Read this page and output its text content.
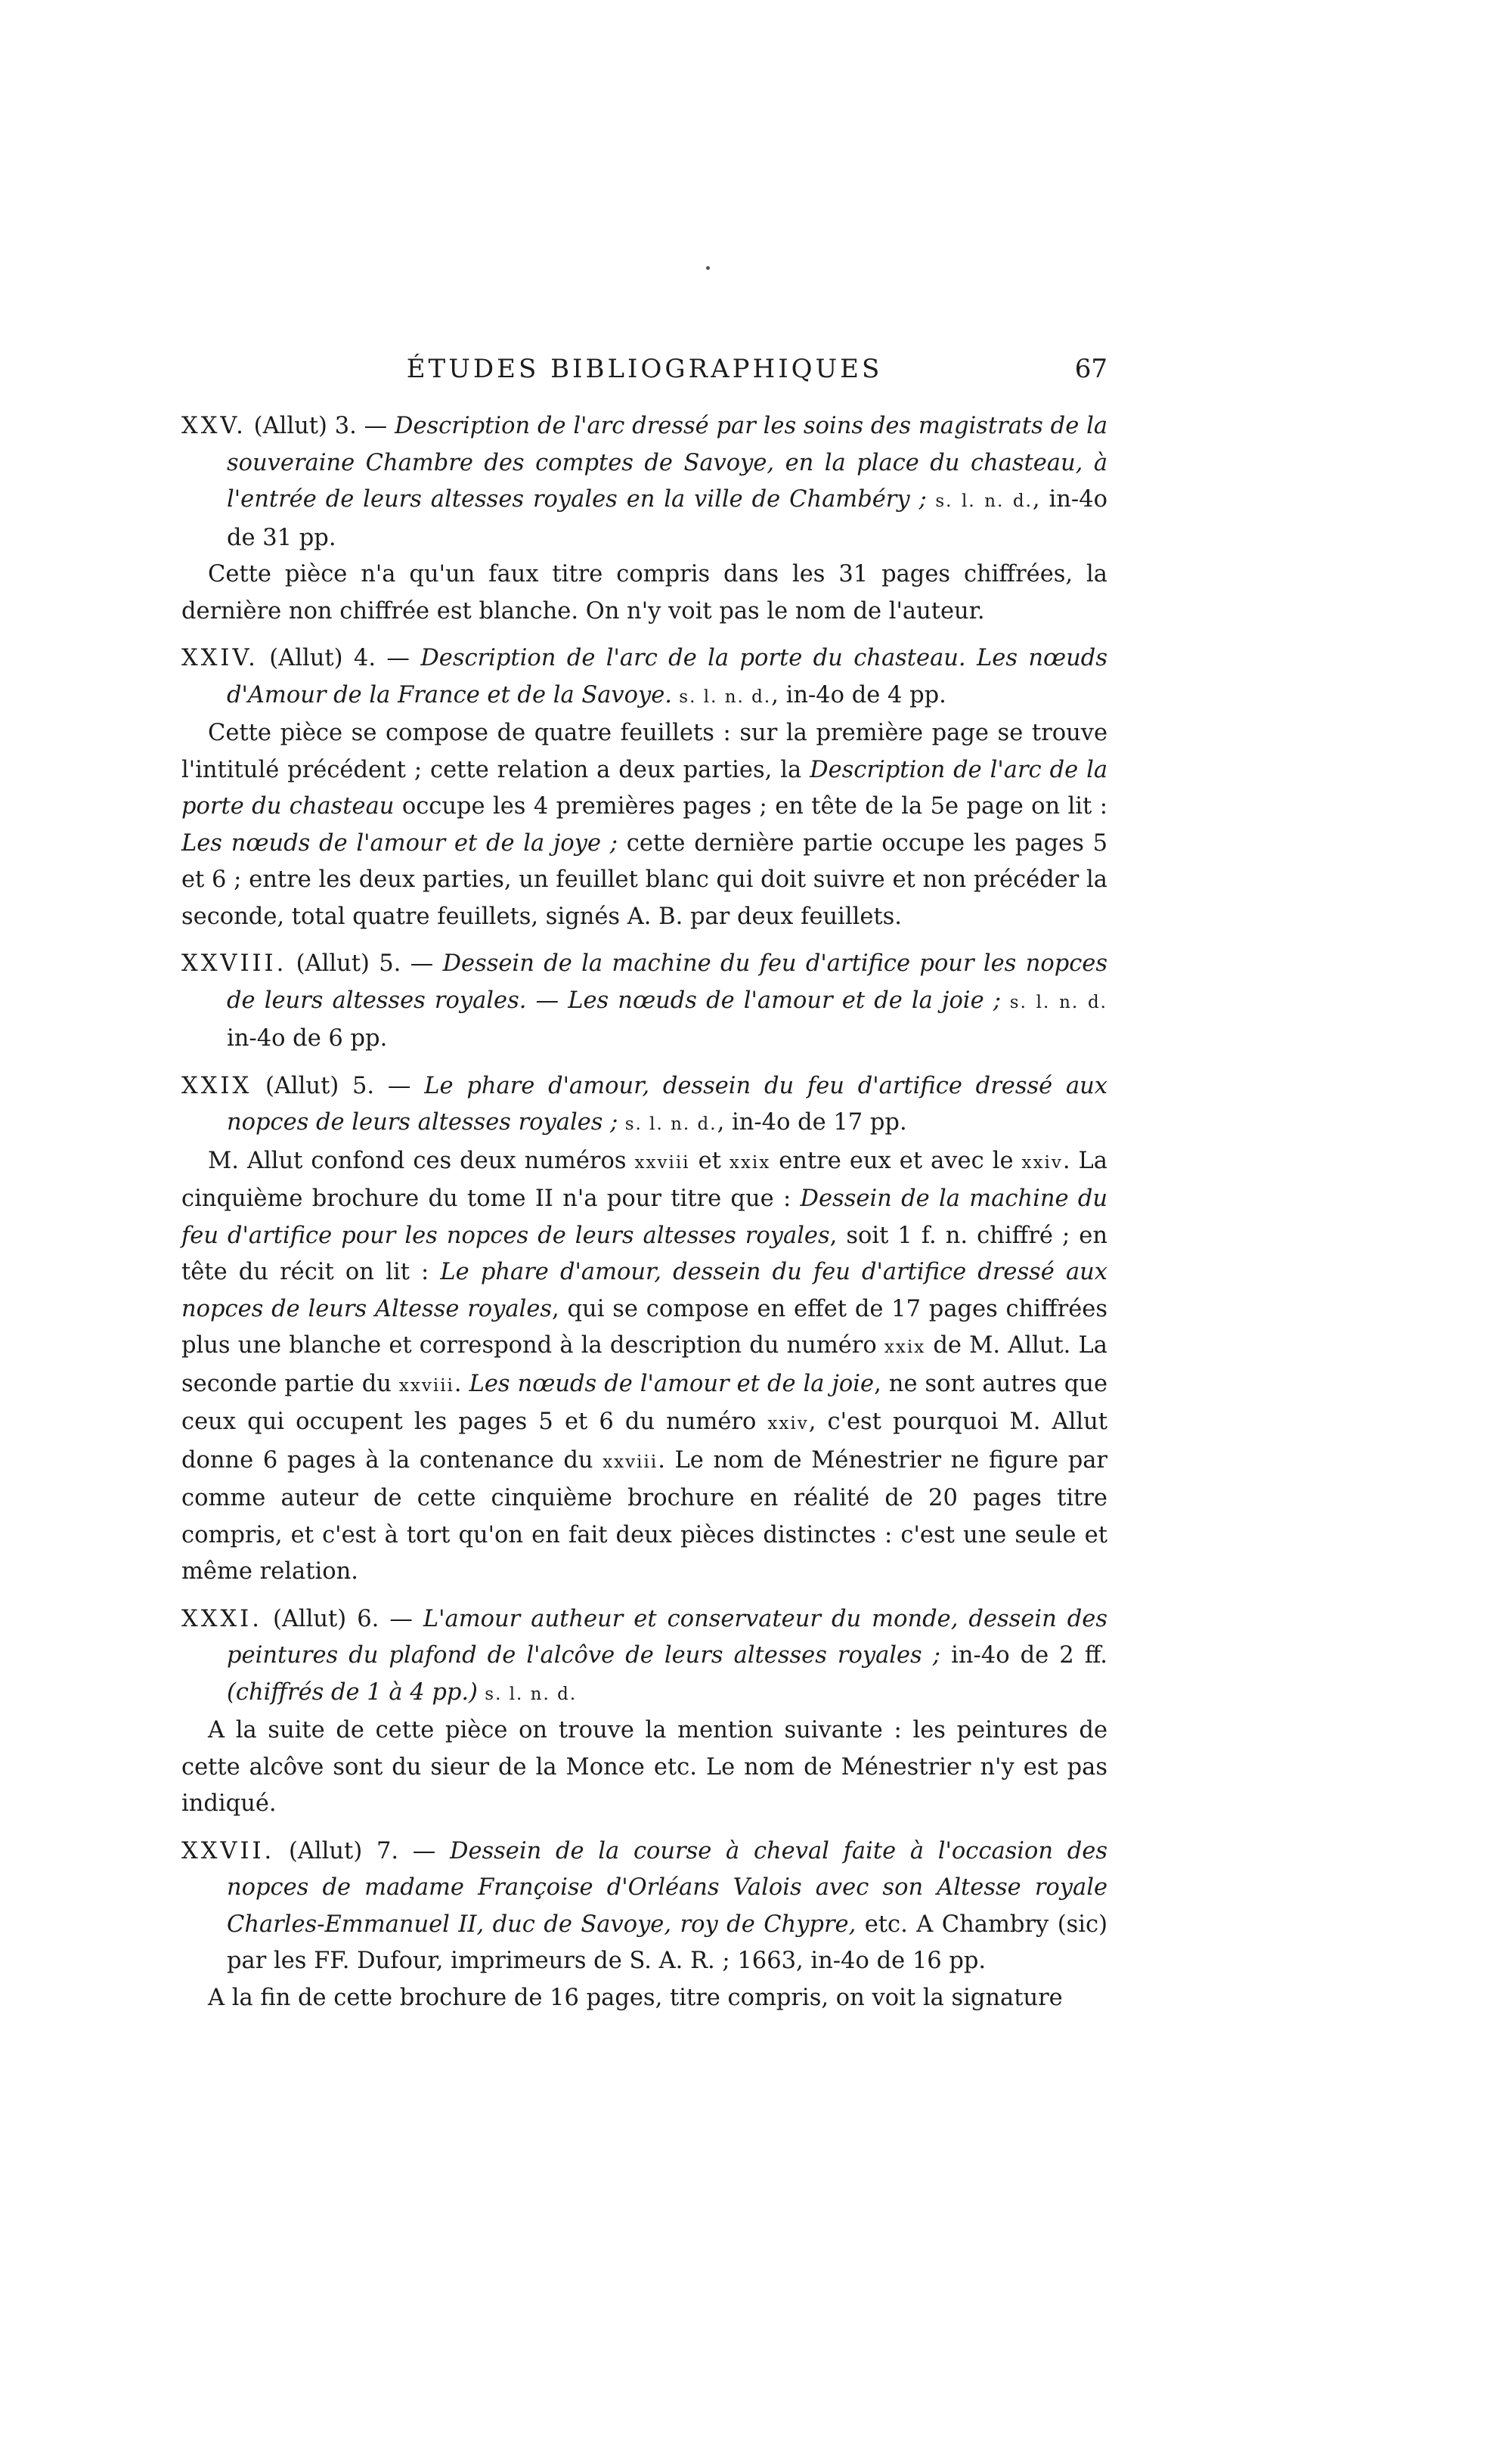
ÉTUDES BIBLIOGRAPHIQUES	67

XXV. (Allut) 3. — Description de l'arc dressé par les soins des magistrats de la souveraine Chambre des comptes de Savoye, en la place du chasteau, à l'entrée de leurs altesses royales en la ville de Chambéry ; s. l. n. d., in-4o de 31 pp.

Cette pièce n'a qu'un faux titre compris dans les 31 pages chiffrées, la dernière non chiffrée est blanche. On n'y voit pas le nom de l'auteur.

XXIV. (Allut) 4. — Description de l'arc de la porte du chasteau. Les nœuds d'Amour de la France et de la Savoye. s. l. n. d., in-4o de 4 pp.

Cette pièce se compose de quatre feuillets : sur la première page se trouve l'intitulé précédent ; cette relation a deux parties, la Description de l'arc de la porte du chasteau occupe les 4 premières pages ; en tête de la 5e page on lit : Les nœuds de l'amour et de la joye ; cette dernière partie occupe les pages 5 et 6 ; entre les deux parties, un feuillet blanc qui doit suivre et non précéder la seconde, total quatre feuillets, signés A. B. par deux feuillets.

XXVIII. (Allut) 5. — Dessein de la machine du feu d'artifice pour les nopces de leurs altesses royales. — Les nœuds de l'amour et de la joie ; s. l. n. d. in-4o de 6 pp.

XXIX (Allut) 5. — Le phare d'amour, dessein du feu d'artifice dressé aux nopces de leurs altesses royales ; s. l. n. d., in-4o de 17 pp.

M. Allut confond ces deux numéros xxviii et xxix entre eux et avec le xxiv. La cinquième brochure du tome II n'a pour titre que : Dessein de la machine du feu d'artifice pour les nopces de leurs altesses royales, soit 1 f. n. chiffré ; en tête du récit on lit : Le phare d'amour, dessein du feu d'artifice dressé aux nopces de leurs Altesse royales, qui se compose en effet de 17 pages chiffrées plus une blanche et correspond à la description du numéro xxix de M. Allut. La seconde partie du xxviii. Les nœuds de l'amour et de la joie, ne sont autres que ceux qui occupent les pages 5 et 6 du numéro xxiv, c'est pourquoi M. Allut donne 6 pages à la contenance du xxviii. Le nom de Ménestrier ne figure par comme auteur de cette cinquième brochure en réalité de 20 pages titre compris, et c'est à tort qu'on en fait deux pièces distinctes : c'est une seule et même relation.

XXXI. (Allut) 6. — L'amour autheur et conservateur du monde, dessein des peintures du plafond de l'alcôve de leurs altesses royales ; in-4o de 2 ff. (chiffrés de 1 à 4 pp.) s. l. n. d.

A la suite de cette pièce on trouve la mention suivante : les peintures de cette alcôve sont du sieur de la Monce etc. Le nom de Ménestrier n'y est pas indiqué.

XXVII. (Allut) 7. — Dessein de la course à cheval faite à l'occasion des nopces de madame Françoise d'Orléans Valois avec son Altesse royale Charles-Emmanuel II, duc de Savoye, roy de Chypre, etc. A Chambry (sic) par les FF. Dufour, imprimeurs de S. A. R. ; 1663, in-4o de 16 pp.

A la fin de cette brochure de 16 pages, titre compris, on voit la signature
